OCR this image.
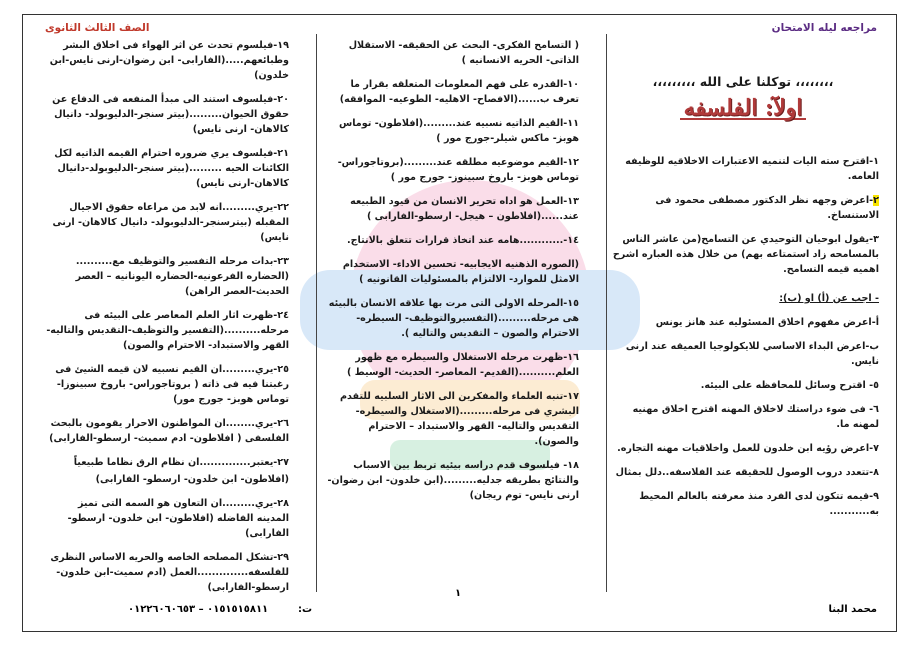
مراجعه ليله الامتحان
الصف الثالث الثانوى
،،،،،،،، توكلنا على الله ،،،،،،،،،
اولآ: الفلسفه

١-اقترح سته اليات لتنميه الاعتبارات الاخلاقيه للوظيفه العامه.

٢-اعرض وجهه نظر الدكتور مصطفى محمود فى الاستنساخ.

٣-يقول ابوحيان التوحيدي عن التسامح(من عاشر الناس بالمسامحه زاد استمتاعه بهم) من خلال هذه العباره اشرح اهميه قيمه التسامح.

- اجب عن (أ) او (ب):

أ-اعرض مفهوم اخلاق المسئوليه عند هانز يونس

ب-اعرض البداء الاساسي للايكولوجيا العميقه عند ارنى نايس.

٥- اقترح وسائل للمحافظه على البيئه.

٦- فى ضوء دراستك لاخلاق المهنه اقترح اخلاق مهنيه لمهنه ما.

٧-اعرض رؤيه ابن خلدون للعمل واخلاقيات مهنه التجاره.

٨-تتعدد دروب الوصول للحقيقه عند الفلاسفه..دلل بمثال

٩-قيمه تتكون لدى الفرد منذ معرفته بالعالم المحيط به...........

( التسامح الفكرى- البحث عن الحقيقه- الاستقلال الذاتى- الحريه الانسانيه )

١٠-القدره على فهم المعلومات المتعلقه بقرار ما تعرف ب......(الافصاح- الاهليه- الطوعيه- الموافقه)

١١-القيم الذاتيه نسبيه عند.........(افلاطون- توماس هوبز- ماكس شيلر-جورج مور )

١٢-القيم موضوعيه مطلقه عند.........(بروتاجوراس- توماس هوبز- باروخ سبينوز- جورج مور )

١٣-العمل هو اداه تحرير الانسان من قيود الطبيعه عند......(افلاطون – هيجل- ارسطو-الفارابى )

١٤-............هامه عند اتخاذ قرارات تتعلق بالانتاج.

(الصوره الذهنيه الايجابيه- تحسين الاداء- الاستخدام الامثل للموارد- الالتزام بالمسئوليات القانونيه )

١٥-المرحله الاولى التى مرت بها علاقه الانسان بالبيئه هى مرحله.........(التفسيروالتوظيف- السيطره- الاحترام والصون – التقديس والتاليه ).

١٦-ظهرت مرحله الاستغلال والسيطره مع ظهور العلم..........(القديم- المعاصر- الحديث- الوسيط )

١٧-تنبه العلماء والمفكرين الى الاثار السلبيه للتقدم البشري فى مرحله.........(الاستغلال والسيطره- التقديس والتاليه- القهر والاستبداد – الاحترام والصون).

١٨- فيلسوف قدم دراسه بيئيه تربط بين الاسباب والنتائج بطريقه جدليه.........(ابن خلدون- ابن رضوان-ارنى نايس- توم ريجان)

١٩-فيلسوم تحدث عن اثر الهواء فى اخلاق البشر وطبائعهم.....(الفارابى- ابن رضوان-ارنى نايس-ابن خلدون)

٢٠-فيلسوف استند الى مبدأ المنفعه فى الدفاع عن حقوق الحيوان.........(بيتر سنجر-الدليوبولد- دانيال كالاهان- ارنى نايس)

٢١-فيلسوف يري ضروره احترام القيمه الذاتيه لكل الكائنات الحيه .........(بيتر سنجر-الدليوبولد-دانيال كالاهان-ارنى نايس)

٢٢-يري.........انه لابد من مراعاه حقوق الاجيال المقبله (بيترسنجر-الدليوبولد- دانيال كالاهان- ارنى نايس)

٢٣-بدات مرحله التفسير والتوظيف مع..........(الحضاره الفرعونيه-الحضاره اليونانيه – العصر الحديث-العصر الراهن)

٢٤-ظهرت اثار العلم المعاصر على البيئه فى مرحله..........(التفسير والتوظيف-التقديس والتاليه- القهر والاستبداد- الاحترام والصون)

٢٥-يري.........ان القيم نسبيه لان قيمه الشيئ فى رغبتنا فيه فى ذاته ( بروتاجوراس- باروخ سبينوزا- توماس هوبز- جورج مور)

٢٦-يري........ان المواطنون الاحرار يقومون بالبحث الفلسفى ( افلاطون- ادم سميث- ارسطو-الفارابى)

٢٧-يعتبر..............ان نظام الرق نظاما طبيعياً

(افلاطون- ابن خلدون- ارسطو- الفارابى)

٢٨-يري.........ان التعاون هو السمه التى تميز المدينه الفاضله (افلاطون- ابن خلدون- ارسطو-الفارابى)

٢٩-تشكل المصلحه الخاصه والحريه الاساس النظرى للفلسفه..............العمل (ادم سميث-ابن خلدون-ارسطو-الفارابى)

محمد البنا
١
ت:
٠١٥١٥١٥٨١١ – ٠١٢٢٦٠٦٠٦٥٣
